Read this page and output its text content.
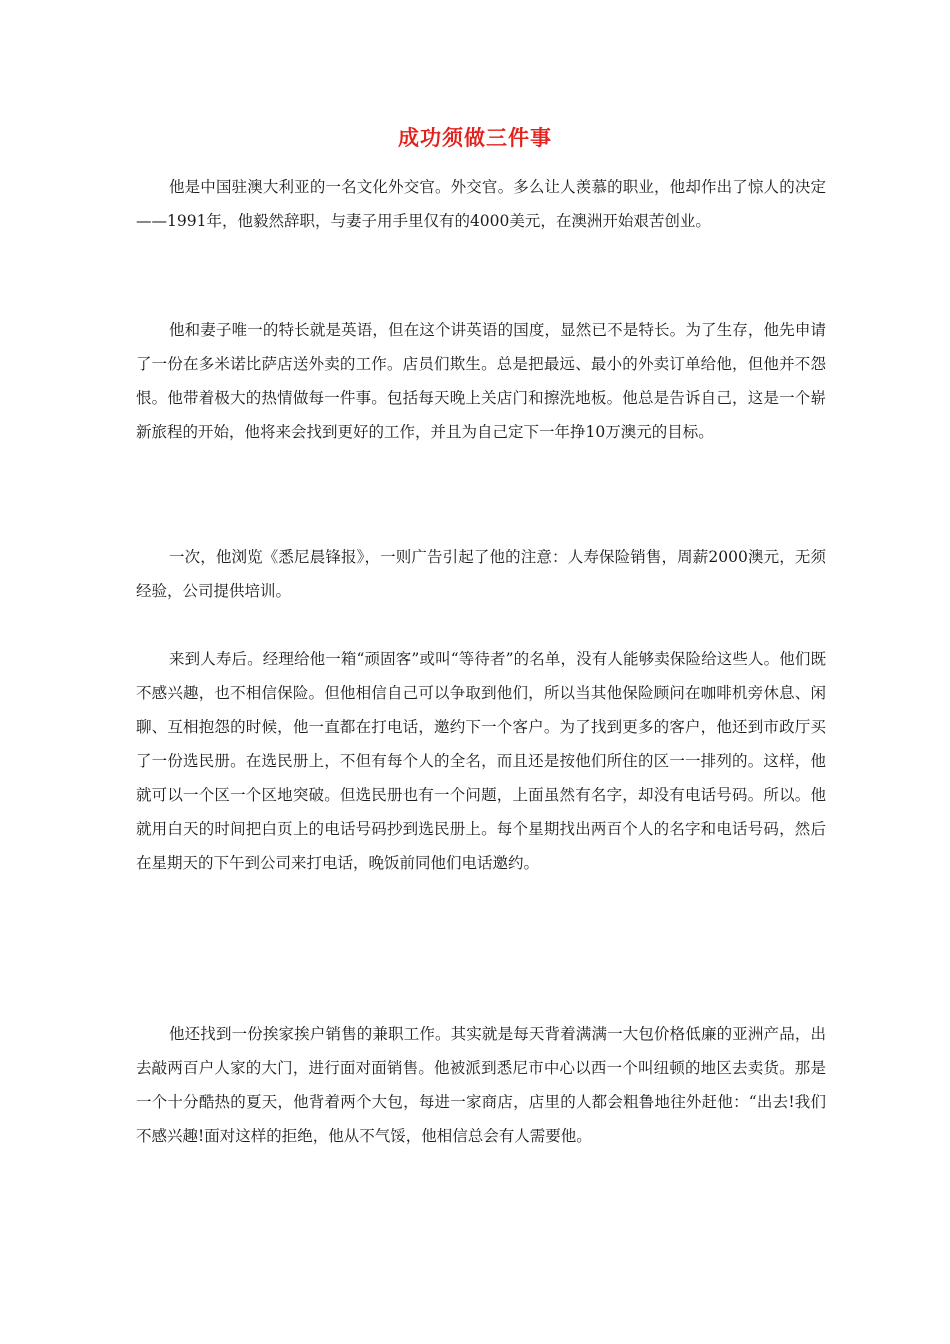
成功须做三件事

他是中国驻澳大利亚的一名文化外交官。外交官。多么让人羡慕的职业，他却作出了惊人的决定——1991年，他毅然辞职，与妻子用手里仅有的4000美元，在澳洲开始艰苦创业。

他和妻子唯一的特长就是英语，但在这个讲英语的国度，显然已不是特长。为了生存，他先申请了一份在多米诺比萨店送外卖的工作。店员们欺生。总是把最远、最小的外卖订单给他，但他并不怨恨。他带着极大的热情做每一件事。包括每天晚上关店门和擦洗地板。他总是告诉自己，这是一个崭新旅程的开始，他将来会找到更好的工作，并且为自己定下一年挣10万澳元的目标。

一次，他浏览《悉尼晨锋报》，一则广告引起了他的注意：人寿保险销售，周薪2000澳元，无须经验，公司提供培训。

来到人寿后。经理给他一箱“顽固客”或叫“等待者”的名单，没有人能够卖保险给这些人。他们既不感兴趣，也不相信保险。但他相信自己可以争取到他们，所以当其他保险顾问在咖啡机旁休息、闲聊、互相抱怨的时候，他一直都在打电话，邀约下一个客户。为了找到更多的客户，他还到市政厅买了一份选民册。在选民册上，不但有每个人的全名，而且还是按他们所住的区一一排列的。这样，他就可以一个区一个区地突破。但选民册也有一个问题，上面虽然有名字，却没有电话号码。所以。他就用白天的时间把白页上的电话号码抄到选民册上。每个星期找出两百个人的名字和电话号码，然后在星期天的下午到公司来打电话，晚饭前同他们电话邀约。

他还找到一份挨家挨户销售的兼职工作。其实就是每天背着满满一大包价格低廉的亚洲产品，出去敲两百户人家的大门，进行面对面销售。他被派到悉尼市中心以西一个叫纽顿的地区去卖货。那是一个十分酷热的夏天，他背着两个大包，每进一家商店，店里的人都会粗鲁地往外赶他：“出去!我们不感兴趣!面对这样的拒绝，他从不气馁，他相信总会有人需要他。
